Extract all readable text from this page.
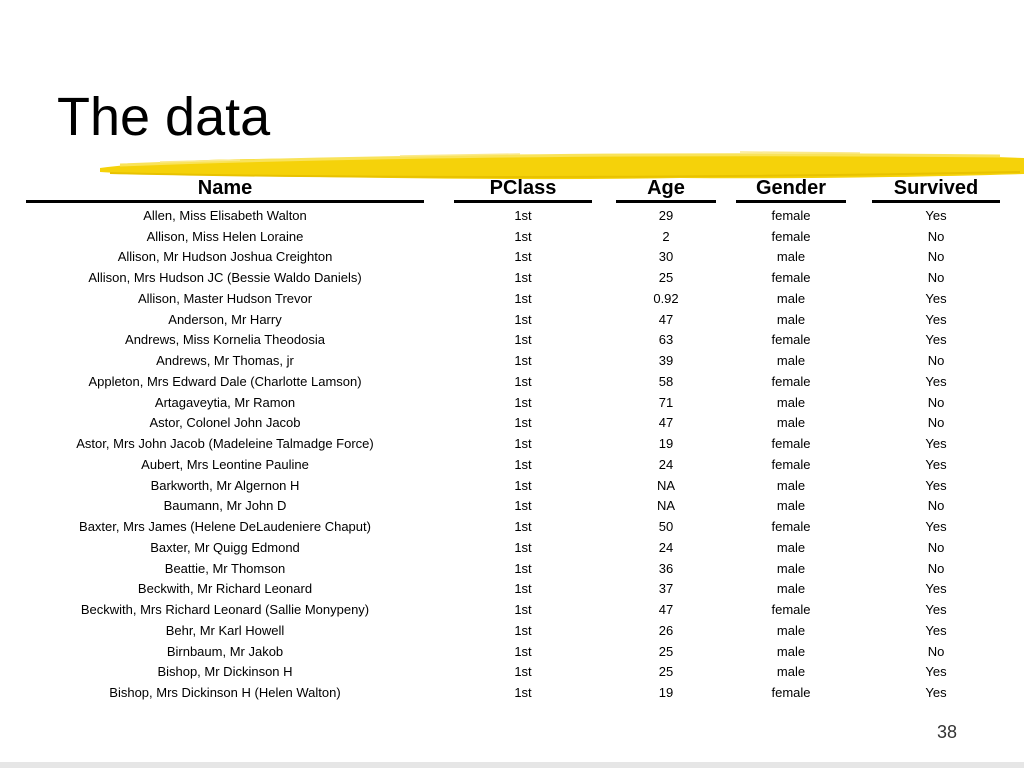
The data
Name		PClass		Age		Gender		Survived
Allen, Miss Elisabeth Walton		1st		29		female		Yes
Allison, Miss Helen Loraine		1st		2		female		No
Allison, Mr Hudson Joshua Creighton		1st		30		male		No
Allison, Mrs Hudson JC (Bessie Waldo Daniels)		1st		25		female		No
Allison, Master Hudson Trevor		1st		0.92		male		Yes
Anderson, Mr Harry		1st		47		male		Yes
Andrews, Miss Kornelia Theodosia		1st		63		female		Yes
Andrews, Mr Thomas, jr		1st		39		male		No
Appleton, Mrs Edward Dale (Charlotte Lamson)		1st		58		female		Yes
Artagaveytia, Mr Ramon		1st		71		male		No
Astor, Colonel John Jacob		1st		47		male		No
Astor, Mrs John Jacob (Madeleine Talmadge Force)		1st		19		female		Yes
Aubert, Mrs Leontine Pauline		1st		24		female		Yes
Barkworth, Mr Algernon H		1st		NA		male		Yes
Baumann, Mr John D		1st		NA		male		No
Baxter, Mrs James (Helene DeLaudeniere Chaput)		1st		50		female		Yes
Baxter, Mr Quigg Edmond		1st		24		male		No
Beattie, Mr Thomson		1st		36		male		No
Beckwith, Mr Richard Leonard		1st		37		male		Yes
Beckwith, Mrs Richard Leonard (Sallie Monypeny)		1st		47		female		Yes
Behr, Mr Karl Howell		1st		26		male		Yes
Birnbaum, Mr Jakob		1st		25		male		No
Bishop, Mr Dickinson H		1st		25		male		Yes
Bishop, Mrs Dickinson H (Helen Walton)		1st		19		female		Yes
38
